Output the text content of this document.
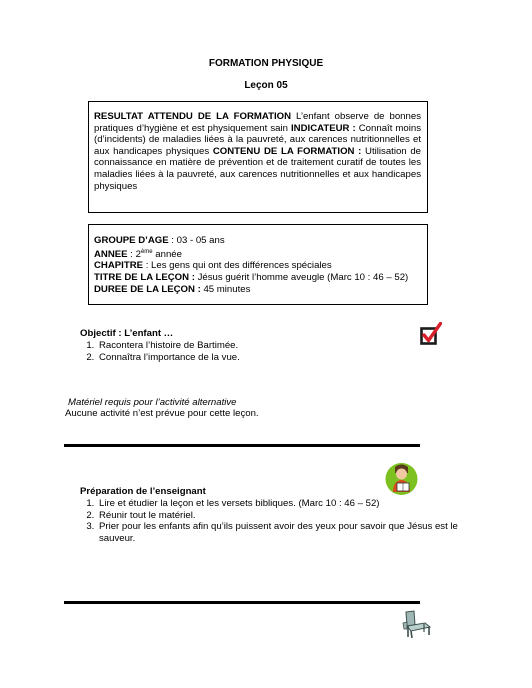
FORMATION PHYSIQUE
Leçon 05

RESULTAT ATTENDU DE LA FORMATION L’enfant observe de bonnes pratiques d’hygiène et est physiquement sain INDICATEUR : Connaît moins (d’incidents) de maladies liées à la pauvreté, aux carences nutritionnelles et aux handicapes physiques CONTENU DE LA FORMATION : Utilisation de connaissance en matière de prévention et de traitement curatif de toutes les maladies liées à la pauvreté, aux carences nutritionnelles et aux handicapes physiques

GROUPE D’AGE : 03 - 05 ans

ANNEE : 2ème année

CHAPITRE : Les gens qui ont des différences spéciales

TITRE DE LA LEÇON : Jésus guérit l’homme aveugle (Marc 10 : 46 – 52)

DUREE DE LA LEÇON : 45 minutes

Objectif : L’enfant …
1. Racontera l’histoire de Bartimée.
2. Connaîtra l’importance de la vue.
Matériel requis pour l’activité alternative
Aucune activité n’est prévue pour cette leçon.
Préparation de l’enseignant
1. Lire et étudier la leçon et les versets bibliques. (Marc 10 : 46 – 52)
2. Réunir tout le matériel.
3. Prier pour les enfants afin qu’ils puissent avoir des yeux pour savoir que Jésus est le sauveur.
